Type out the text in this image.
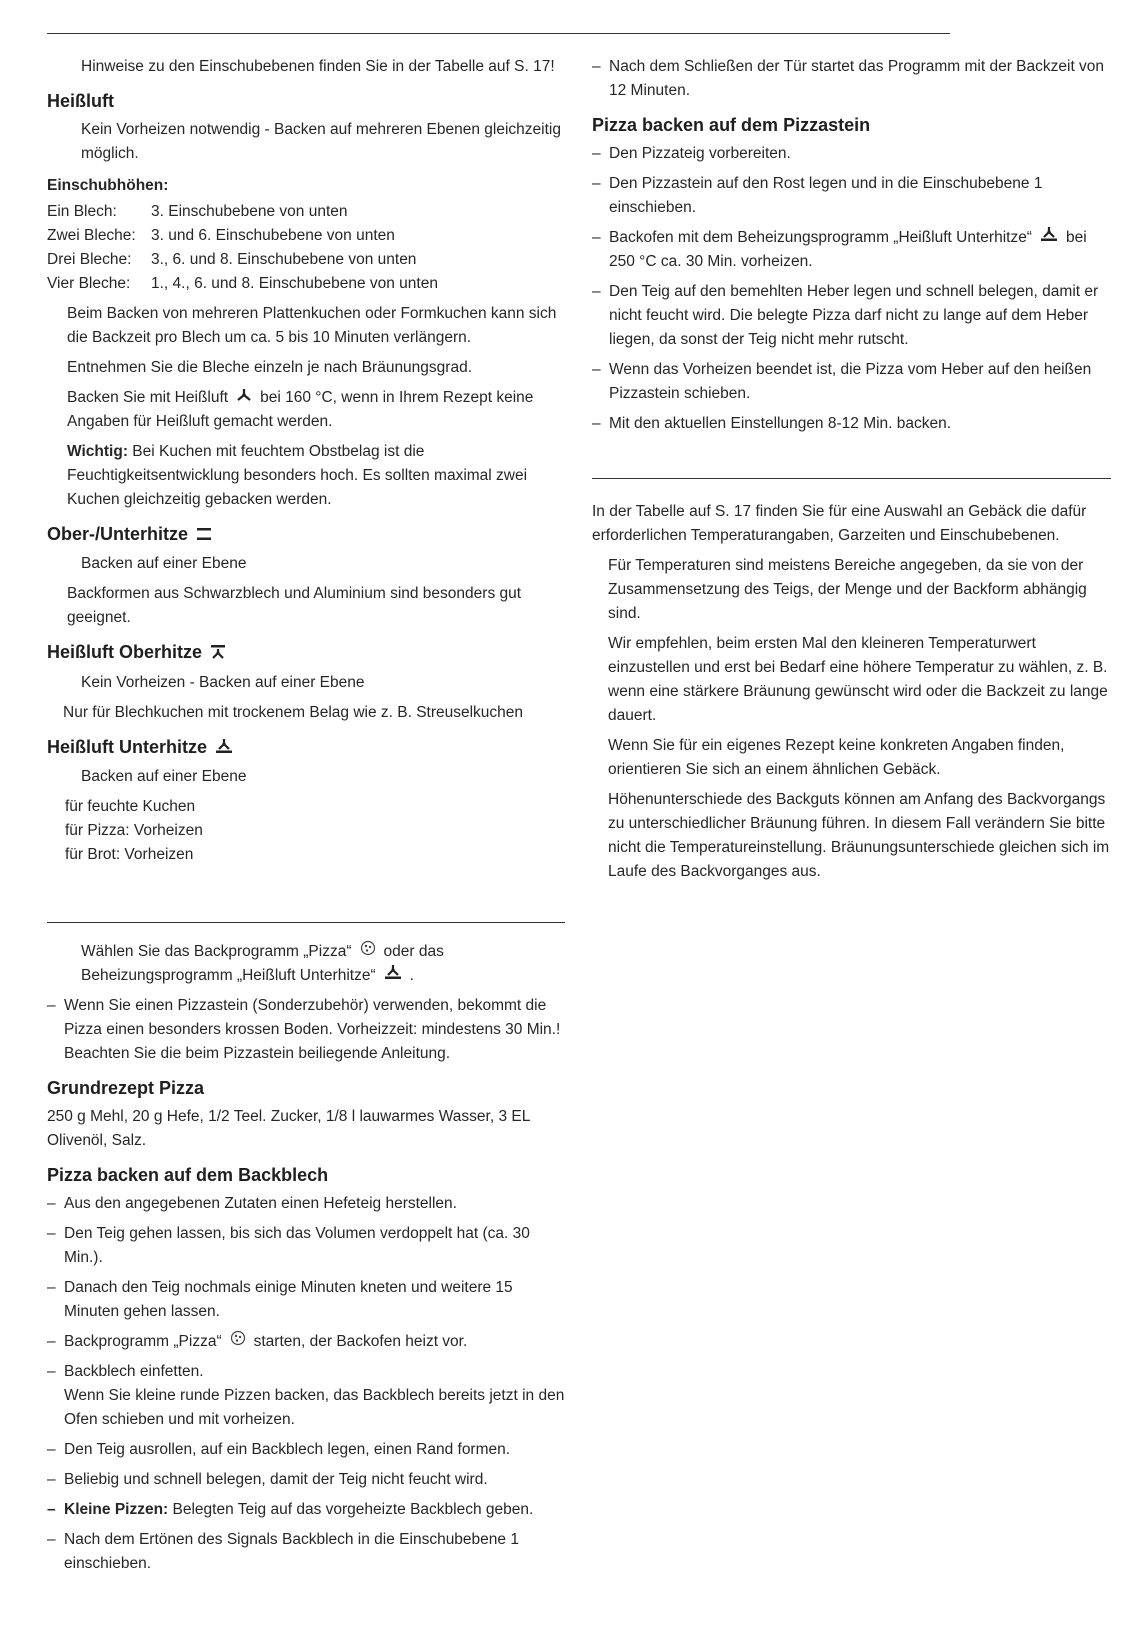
Hinweise zu den Einschubebenen finden Sie in der Tabelle auf S. 17!

Heißluft

Kein Vorheizen notwendig - Backen auf mehreren Ebenen gleichzeitig möglich.

Einschubhöhen:
Ein Blech:	3. Einschubebene von unten
Zwei Bleche: 3. und 6. Einschubebene von unten
Drei Bleche:	3., 6. und 8. Einschubebene von unten
Vier Bleche:	1., 4., 6. und 8. Einschubebene von unten

Beim Backen von mehreren Plattenkuchen oder Formkuchen kann sich die Backzeit pro Blech um ca. 5 bis 10 Minuten verlängern.

Entnehmen Sie die Bleche einzeln je nach Bräunungsgrad.

Backen Sie mit Heißluft bei 160 °C, wenn in Ihrem Rezept keine Angaben für Heißluft gemacht werden.

Wichtig: Bei Kuchen mit feuchtem Obstbelag ist die Feuchtigkeitsentwicklung besonders hoch. Es sollten maximal zwei Kuchen gleichzeitig gebacken werden.

Ober-/Unterhitze

Backen auf einer Ebene

Backformen aus Schwarzblech und Aluminium sind besonders gut geeignet.

Heißluft Oberhitze

Kein Vorheizen - Backen auf einer Ebene

Nur für Blechkuchen mit trockenem Belag wie z. B. Streuselkuchen

Heißluft Unterhitze

Backen auf einer Ebene

für feuchte Kuchen

für Pizza: Vorheizen

für Brot: Vorheizen

Wählen Sie das Backprogramm „Pizza“ oder das Beheizungsprogramm „Heißluft Unterhitze“ .

– Wenn Sie einen Pizzastein (Sonderzubehör) verwenden, bekommt die Pizza einen besonders krossen Boden. Vorheizzeit: mindestens 30 Min.! Beachten Sie die beim Pizzastein beiliegende Anleitung.
Grundrezept Pizza

250 g Mehl, 20 g Hefe, 1/2 Teel. Zucker, 1/8 l lauwarmes Wasser, 3 EL Olivenöl, Salz.

Pizza backen auf dem Backblech
– Aus den angegebenen Zutaten einen Hefeteig herstellen.
– Den Teig gehen lassen, bis sich das Volumen verdoppelt hat (ca. 30 Min.).
– Danach den Teig nochmals einige Minuten kneten und weitere 15 Minuten gehen lassen.
– Backprogramm „Pizza“ starten, der Backofen heizt vor.
– Backblech einfetten.
Wenn Sie kleine runde Pizzen backen, das Backblech bereits jetzt in den Ofen schieben und mit vorheizen.
– Den Teig ausrollen, auf ein Backblech legen, einen Rand formen.
– Beliebig und schnell belegen, damit der Teig nicht feucht wird.
– Kleine Pizzen: Belegten Teig auf das vorgeheizte Backblech geben.
– Nach dem Ertönen des Signals Backblech in die Einschubebene 1 einschieben.
– Nach dem Schließen der Tür startet das Programm mit der Backzeit von 12 Minuten.
Pizza backen auf dem Pizzastein
– Den Pizzateig vorbereiten.
– Den Pizzastein auf den Rost legen und in die Einschubebene 1 einschieben.
– Backofen mit dem Beheizungsprogramm „Heißluft Unterhitze“ bei 250 °C ca. 30 Min. vorheizen.
– Den Teig auf den bemehlten Heber legen und schnell belegen, damit er nicht feucht wird. Die belegte Pizza darf nicht zu lange auf dem Heber liegen, da sonst der Teig nicht mehr rutscht.
– Wenn das Vorheizen beendet ist, die Pizza vom Heber auf den heißen Pizzastein schieben.
– Mit den aktuellen Einstellungen 8-12 Min. backen.

In der Tabelle auf S. 17 finden Sie für eine Auswahl an Gebäck die dafür erforderlichen Temperaturangaben, Garzeiten und Einschubebenen.

Für Temperaturen sind meistens Bereiche angegeben, da sie von der Zusammensetzung des Teigs, der Menge und der Backform abhängig sind.

Wir empfehlen, beim ersten Mal den kleineren Temperaturwert einzustellen und erst bei Bedarf eine höhere Temperatur zu wählen, z. B. wenn eine stärkere Bräunung gewünscht wird oder die Backzeit zu lange dauert.

Wenn Sie für ein eigenes Rezept keine konkreten Angaben finden, orientieren Sie sich an einem ähnlichen Gebäck.

Höhenunterschiede des Backguts können am Anfang des Backvorgangs zu unterschiedlicher Bräunung führen. In diesem Fall verändern Sie bitte nicht die Temperatureinstellung. Bräunungsunterschiede gleichen sich im Laufe des Backvorganges aus.
